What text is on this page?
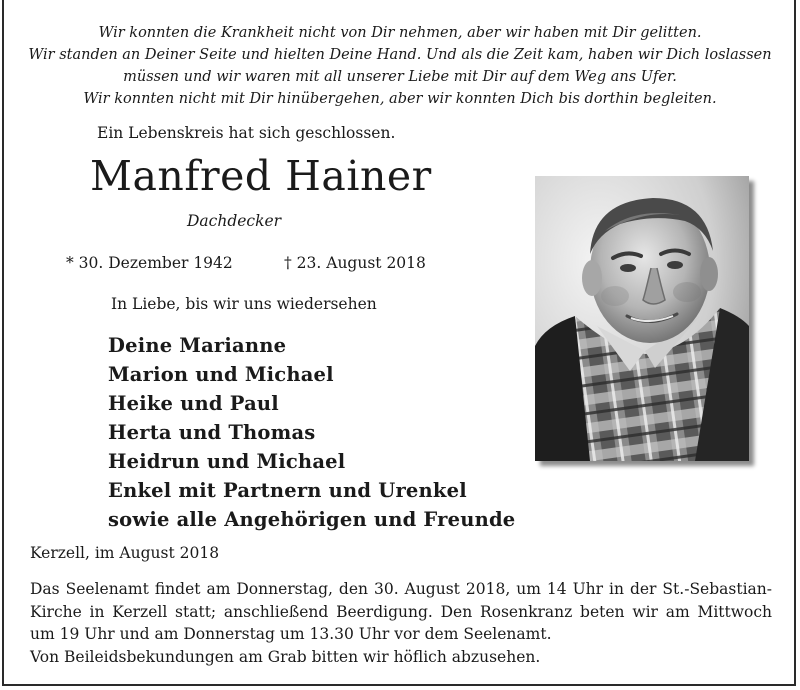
Wir konnten die Krankheit nicht von Dir nehmen, aber wir haben mit Dir gelitten.
Wir standen an Deiner Seite und hielten Deine Hand. Und als die Zeit kam, haben wir Dich loslassen
müssen und wir waren mit all unserer Liebe mit Dir auf dem Weg ans Ufer.
Wir konnten nicht mit Dir hinübergehen, aber wir konnten Dich bis dorthin begleiten.
Ein Lebenskreis hat sich geschlossen.
Manfred Hainer
Dachdecker
* 30. Dezember 1942	† 23. August 2018
In Liebe, bis wir uns wiedersehen
Deine Marianne
Marion und Michael
Heike und Paul
Herta und Thomas
Heidrun und Michael
Enkel mit Partnern und Urenkel
sowie alle Angehörigen und Freunde
Kerzell, im August 2018
Das Seelenamt findet am Donnerstag, den 30. August 2018, um 14 Uhr in der St.-Sebastian-
Kirche in Kerzell statt; anschließend Beerdigung. Den Rosenkranz beten wir am Mittwoch
um 19 Uhr und am Donnerstag um 13.30 Uhr vor dem Seelenamt.
Von Beileidsbekundungen am Grab bitten wir höflich abzusehen.
